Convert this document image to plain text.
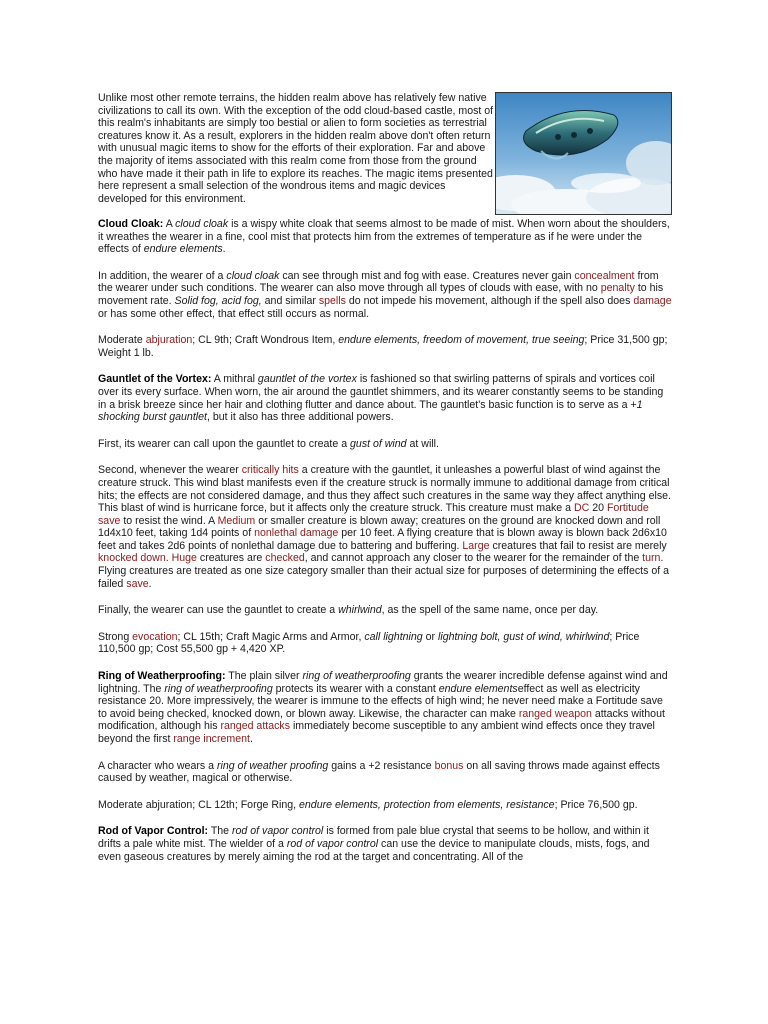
Unlike most other remote terrains, the hidden realm above has relatively few native civilizations to call its own. With the exception of the odd cloud-based castle, most of this realm's inhabitants are simply too bestial or alien to form societies as terrestrial creatures know it. As a result, explorers in the hidden realm above don't often return with unusual magic items to show for the efforts of their exploration. Far and above the majority of items associated with this realm come from those from the ground who have made it their path in life to explore its reaches. The magic items presented here represent a small selection of the wondrous items and magic devices developed for this environment.

Cloud Cloak: A cloud cloak is a wispy white cloak that seems almost to be made of mist. When worn about the shoulders, it wreathes the wearer in a fine, cool mist that protects him from the extremes of temperature as if he were under the effects of endure elements.

In addition, the wearer of a cloud cloak can see through mist and fog with ease. Creatures never gain concealment from the wearer under such conditions. The wearer can also move through all types of clouds with ease, with no penalty to his movement rate. Solid fog, acid fog, and similar spells do not impede his movement, although if the spell also does damage or has some other effect, that effect still occurs as normal.

Moderate abjuration; CL 9th; Craft Wondrous Item, endure elements, freedom of movement, true seeing; Price 31,500 gp; Weight 1 lb.

Gauntlet of the Vortex: A mithral gauntlet of the vortex is fashioned so that swirling patterns of spirals and vortices coil over its every surface. When worn, the air around the gauntlet shimmers, and its wearer constantly seems to be standing in a brisk breeze since her hair and clothing flutter and dance about. The gauntlet's basic function is to serve as a +1 shocking burst gauntlet, but it also has three additional powers.

First, its wearer can call upon the gauntlet to create a gust of wind at will.

Second, whenever the wearer critically hits a creature with the gauntlet, it unleashes a powerful blast of wind against the creature struck. This wind blast manifests even if the creature struck is normally immune to additional damage from critical hits; the effects are not considered damage, and thus they affect such creatures in the same way they affect anything else. This blast of wind is hurricane force, but it affects only the creature struck. This creature must make a DC 20 Fortitude save to resist the wind. A Medium or smaller creature is blown away; creatures on the ground are knocked down and roll 1d4x10 feet, taking 1d4 points of nonlethal damage per 10 feet. A flying creature that is blown away is blown back 2d6x10 feet and takes 2d6 points of nonlethal damage due to battering and buffering. Large creatures that fail to resist are merely knocked down. Huge creatures are checked, and cannot approach any closer to the wearer for the remainder of the turn. Flying creatures are treated as one size category smaller than their actual size for purposes of determining the effects of a failed save.

Finally, the wearer can use the gauntlet to create a whirlwind, as the spell of the same name, once per day.

Strong evocation; CL 15th; Craft Magic Arms and Armor, call lightning or lightning bolt, gust of wind, whirlwind; Price 110,500 gp; Cost 55,500 gp + 4,420 XP.

Ring of Weatherproofing: The plain silver ring of weatherproofing grants the wearer incredible defense against wind and lightning. The ring of weatherproofing protects its wearer with a constant endure elementseffect as well as electricity resistance 20. More impressively, the wearer is immune to the effects of high wind; he never need make a Fortitude save to avoid being checked, knocked down, or blown away. Likewise, the character can make ranged weapon attacks without modification, although his ranged attacks immediately become susceptible to any ambient wind effects once they travel beyond the first range increment.

A character who wears a ring of weather proofing gains a +2 resistance bonus on all saving throws made against effects caused by weather, magical or otherwise.

Moderate abjuration; CL 12th; Forge Ring, endure elements, protection from elements, resistance; Price 76,500 gp.

Rod of Vapor Control: The rod of vapor control is formed from pale blue crystal that seems to be hollow, and within it drifts a pale white mist. The wielder of a rod of vapor control can use the device to manipulate clouds, mists, fogs, and even gaseous creatures by merely aiming the rod at the target and concentrating. All of the
